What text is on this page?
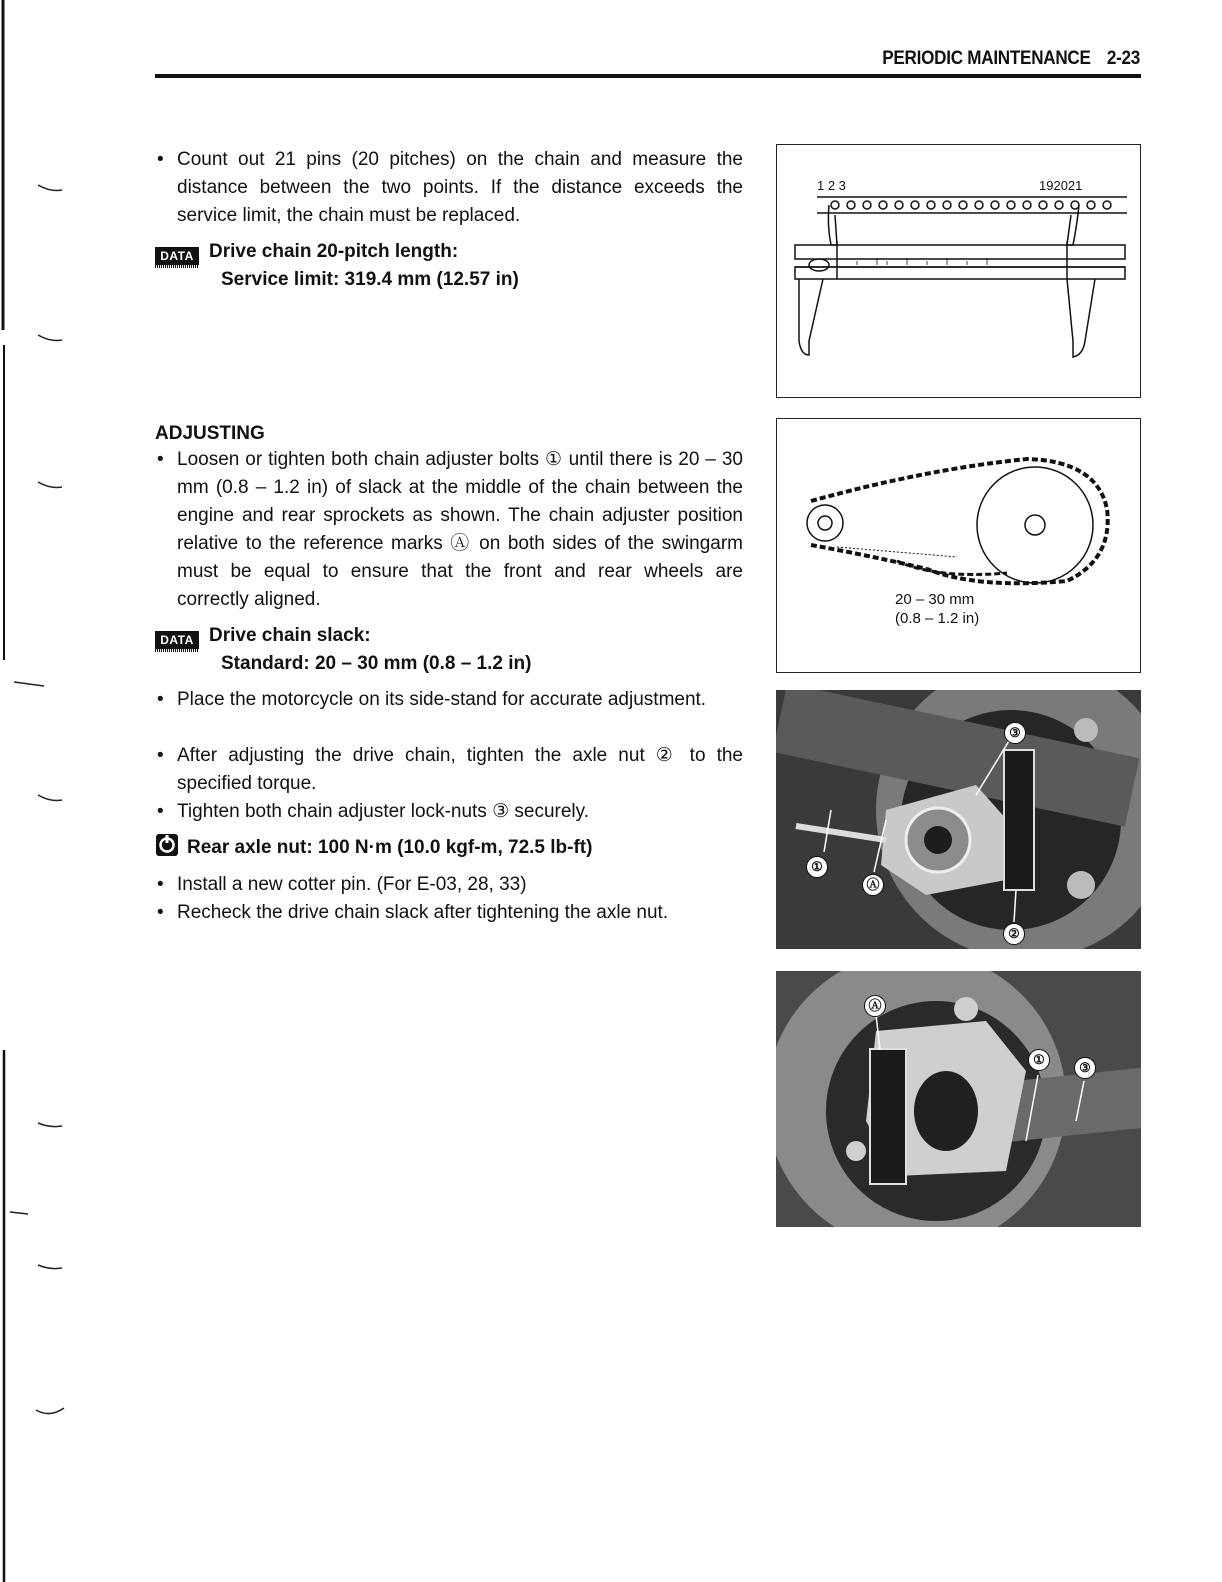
PERIODIC MAINTENANCE 2-23
• Count out 21 pins (20 pitches) on the chain and measure the distance between the two points. If the distance exceeds the service limit, the chain must be replaced.
DATA Drive chain 20-pitch length:
Service limit: 319.4 mm (12.57 in)
ADJUSTING
• Loosen or tighten both chain adjuster bolts ① until there is 20 – 30 mm (0.8 – 1.2 in) of slack at the middle of the chain between the engine and rear sprockets as shown. The chain adjuster position relative to the reference marks Ⓐ on both sides of the swingarm must be equal to ensure that the front and rear wheels are correctly aligned.
DATA Drive chain slack:
Standard: 20 – 30 mm (0.8 – 1.2 in)
• Place the motorcycle on its side-stand for accurate adjustment.
• After adjusting the drive chain, tighten the axle nut ② to the specified torque.
• Tighten both chain adjuster lock-nuts ③ securely.
Rear axle nut: 100 N·m (10.0 kgf-m, 72.5 lb-ft)
• Install a new cotter pin. (For E-03, 28, 33)
• Recheck the drive chain slack after tightening the axle nut.
1 2 3	192021
20 – 30 mm
(0.8 – 1.2 in)
③
①
Ⓐ
②
Ⓐ
①
③
